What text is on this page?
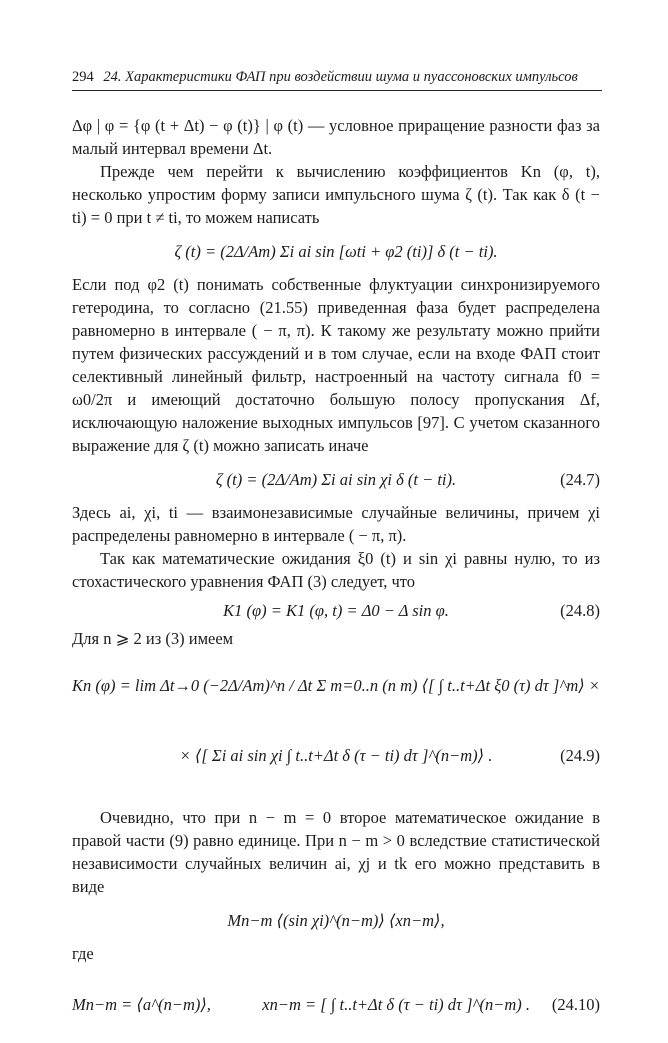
294 24. Характеристики ФАП при воздействии шума и пуассоновских импульсов

Δφ | φ = {φ (t + Δt) − φ (t)} | φ (t) — условное приращение разности фаз за малый интервал времени Δt.

Прежде чем перейти к вычислению коэффициентов Kn (φ, t), несколько упростим форму записи импульсного шума ζ (t). Так как δ (t − ti) = 0 при t ≠ ti, то можем написать

ζ (t) = (2Δ/Am) Σi ai sin [ωti + φ2 (ti)] δ (t − ti).

Если под φ2 (t) понимать собственные флуктуации синхронизируемого гетеродина, то согласно (21.55) приведенная фаза будет распределена равномерно в интервале ( − π, π). К такому же результату можно прийти путем физических рассуждений и в том случае, если на входе ФАП стоит селективный линейный фильтр, настроенный на частоту сигнала f0 = ω0/2π и имеющий достаточно большую полосу пропускания Δf, исключающую наложение выходных импульсов [97]. С учетом сказанного выражение для ζ (t) можно записать иначе

ζ (t) = (2Δ/Am) Σi ai sin χi δ (t − ti).	(24.7)

Здесь ai, χi, ti — взаимонезависимые случайные величины, причем χi распределены равномерно в интервале ( − π, π).

Так как математические ожидания ξ0 (t) и sin χi равны нулю, то из стохастического уравнения ФАП (3) следует, что

K1 (φ) = K1 (φ, t) = Δ0 − Δ sin φ.	(24.8)

Для n ⩾ 2 из (3) имеем

Kn (φ) = lim Δt→0 (−2Δ/Am)^n / Δt Σ m=0..n (n m) ⟨[ ∫ t..t+Δt ξ0 (τ) dτ ]^m⟩ ×
× ⟨[ Σi ai sin χi ∫ t..t+Δt δ (τ − ti) dτ ]^(n−m)⟩ .	(24.9)

Очевидно, что при n − m = 0 второе математическое ожидание в правой части (9) равно единице. При n − m > 0 вследствие статистической независимости случайных величин ai, χj и tk его можно представить в виде

Mn−m ⟨(sin χi)^(n−m)⟩ ⟨xn−m⟩,

где

Mn−m = ⟨a^(n−m)⟩,	xn−m = [ ∫ t..t+Δt δ (τ − ti) dτ ]^(n−m) . (24.10)
